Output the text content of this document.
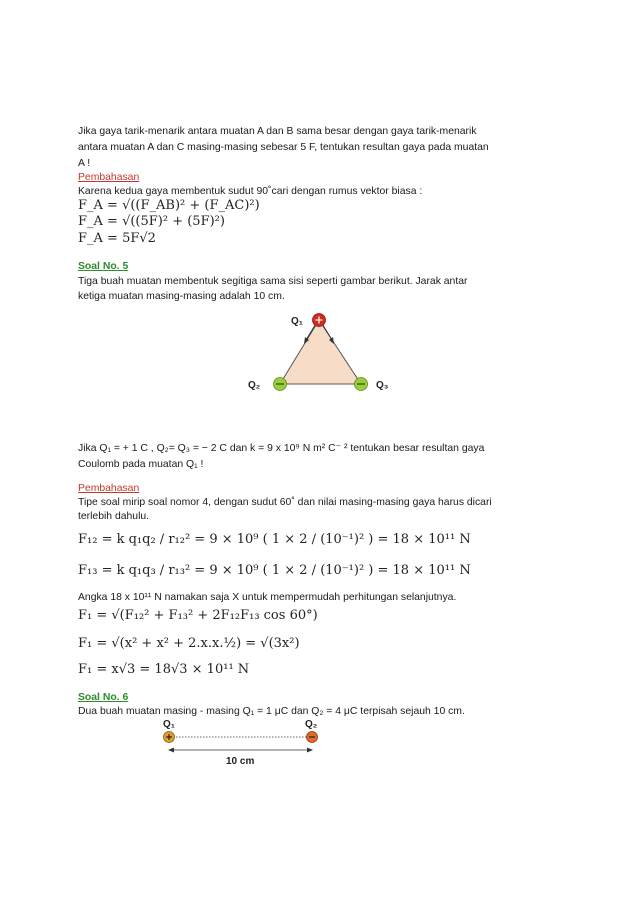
Jika gaya tarik-menarik antara muatan A dan B sama besar dengan gaya tarik-menarik
antara muatan A dan C masing-masing sebesar 5 F, tentukan resultan gaya pada muatan
A !
Pembahasan
Karena kedua gaya membentuk sudut 90˚cari dengan rumus vektor biasa :
F_A = √((F_AB)² + (F_AC)²)
F_A = √((5F)² + (5F)²)
F_A = 5F√2
Soal No. 5
Tiga buah muatan membentuk segitiga sama sisi seperti gambar berikut. Jarak antar
ketiga muatan masing-masing adalah 10 cm.
Q₁
Q₂	Q₃
Q₁	Q₂
10 cm
Jika Q₁ = + 1 C , Q₂= Q₃ = − 2 C dan k = 9 x 10⁹ N m² C⁻ ² tentukan besar resultan gaya
Coulomb pada muatan Q₁ !
Pembahasan
Tipe soal mirip soal nomor 4, dengan sudut 60˚ dan nilai masing-masing gaya harus dicari
terlebih dahulu.
F₁₂ = k q₁q₂ / r₁₂² = 9 × 10⁹ ( 1 × 2 / (10⁻¹)² ) = 18 × 10¹¹ N
F₁₃ = k q₁q₃ / r₁₃² = 9 × 10⁹ ( 1 × 2 / (10⁻¹)² ) = 18 × 10¹¹ N
Angka 18 x 10¹¹ N namakan saja X untuk mempermudah perhitungan selanjutnya.
F₁ = √(F₁₂² + F₁₃² + 2F₁₂F₁₃ cos 60°)
F₁ = √(x² + x² + 2.x.x.½) = √(3x²)
F₁ = x√3 = 18√3 × 10¹¹ N
Soal No. 6
Dua buah muatan masing - masing Q₁ = 1 μC dan Q₂ = 4 μC terpisah sejauh 10 cm.
